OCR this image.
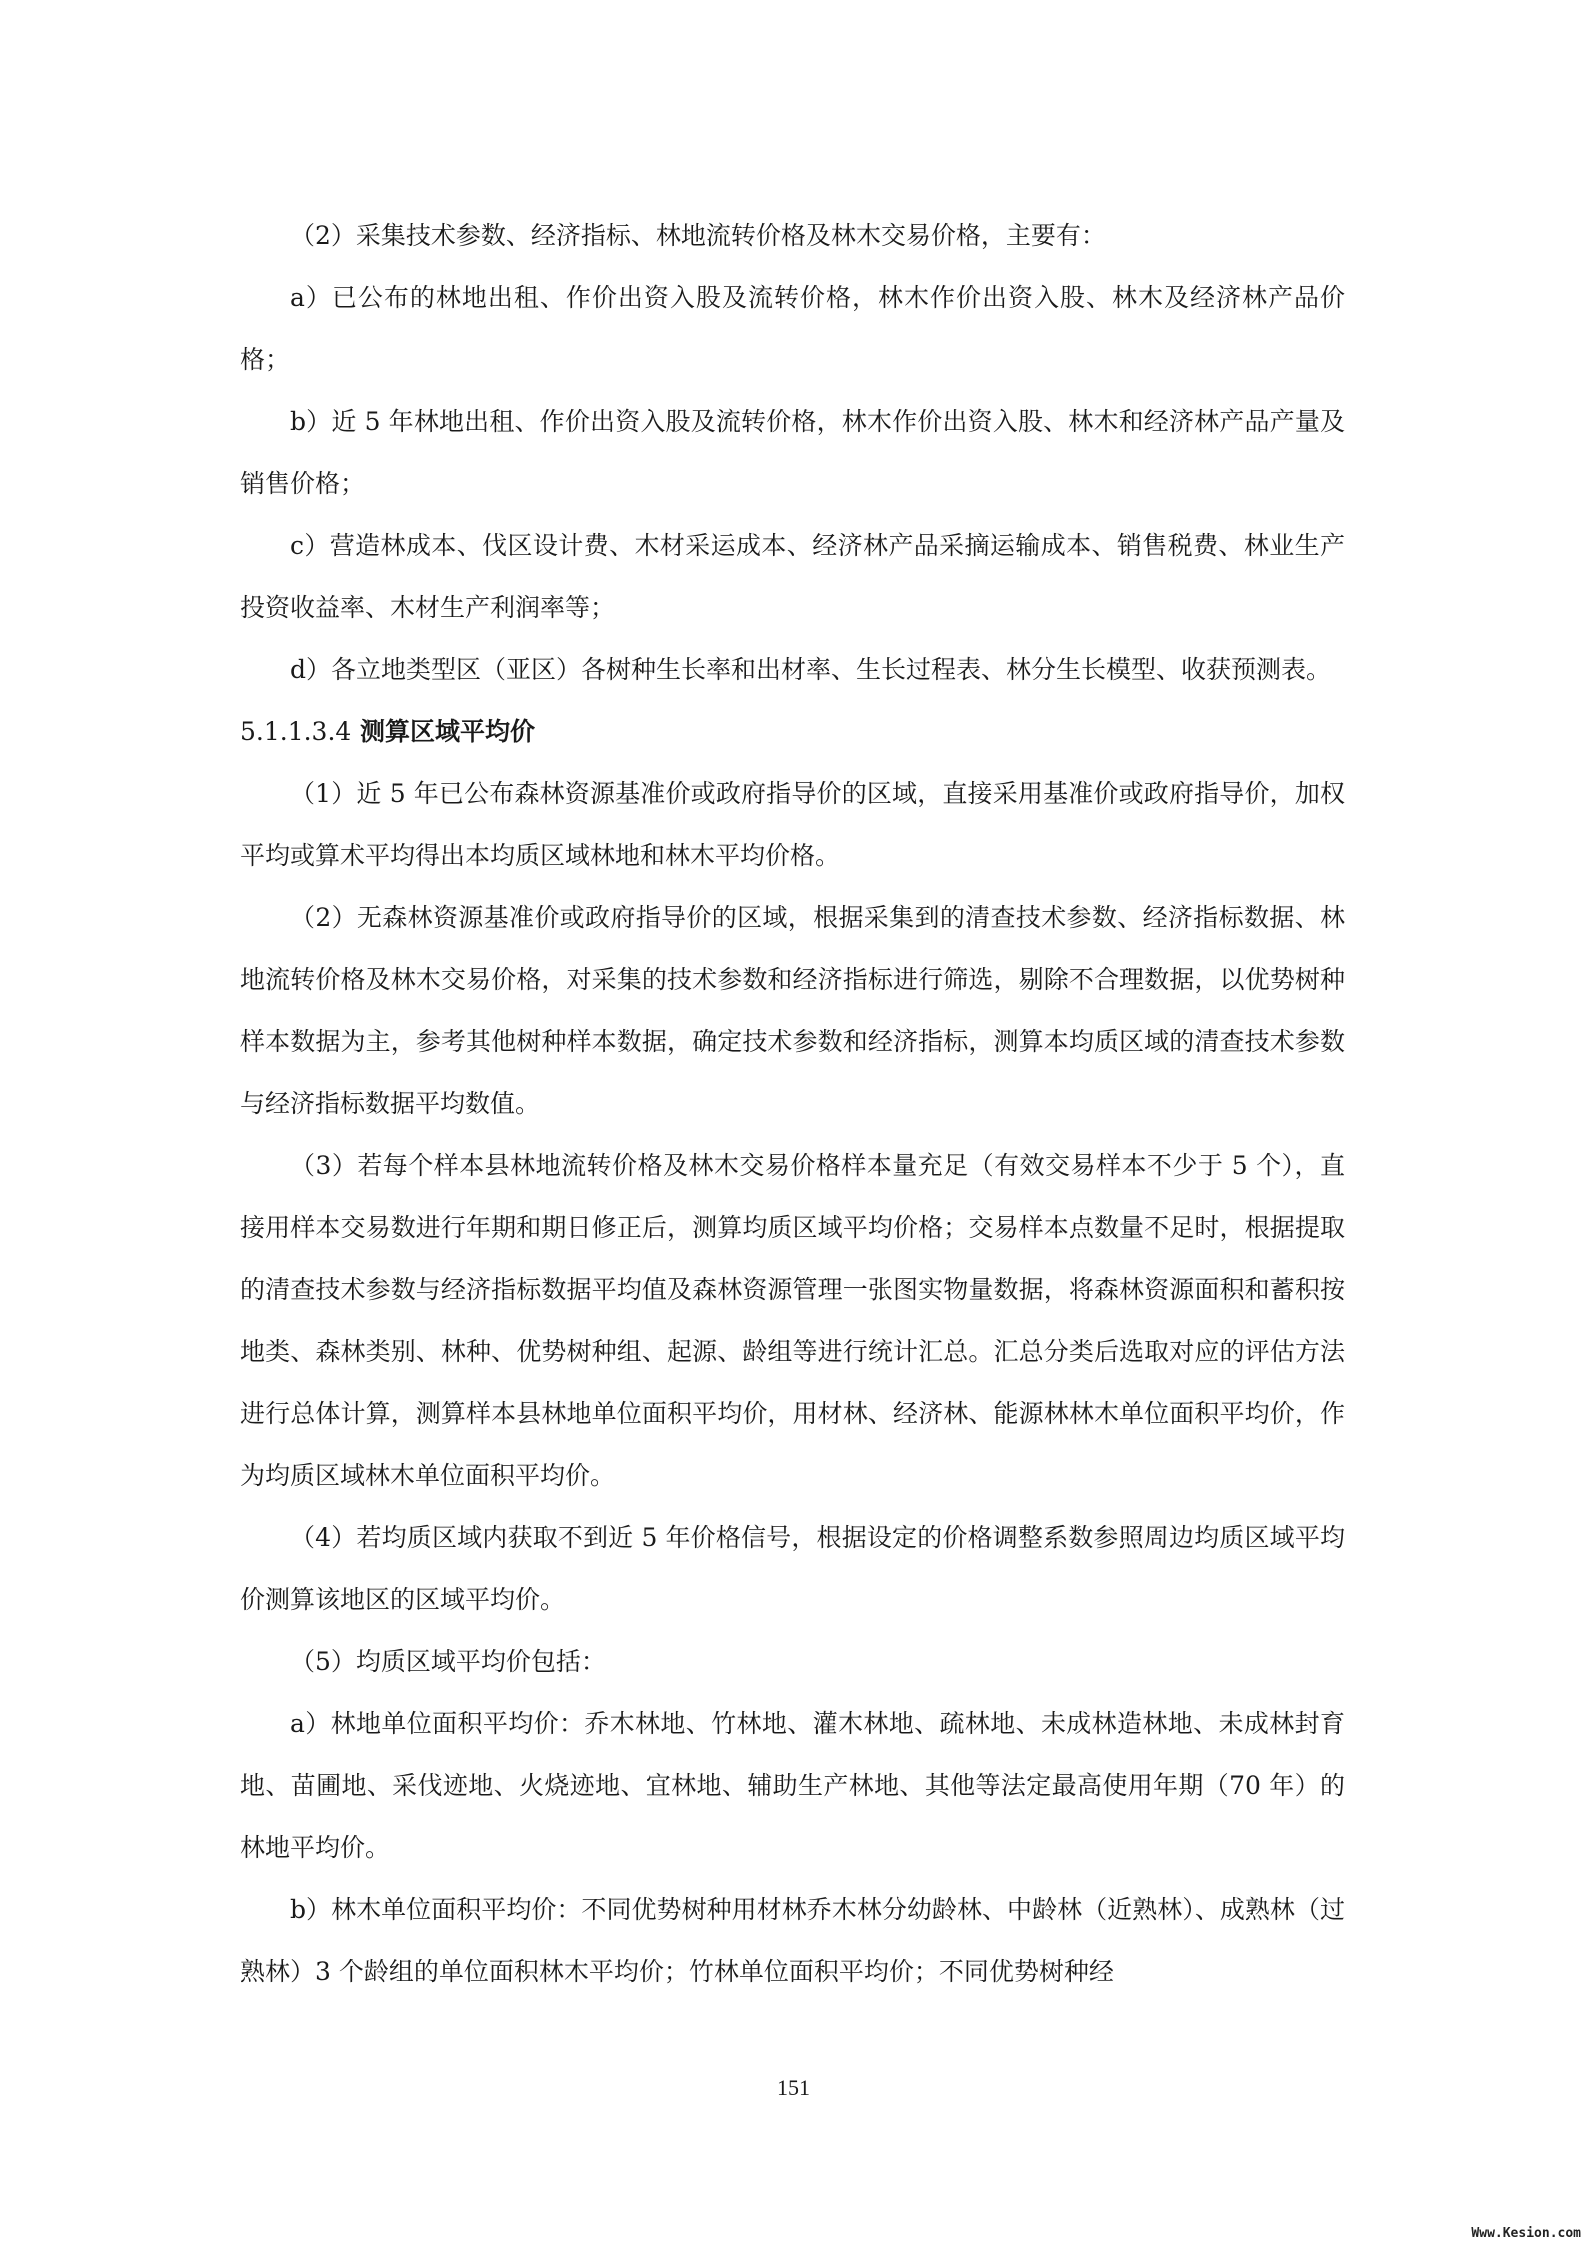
（2）采集技术参数、经济指标、林地流转价格及林木交易价格，主要有：

a）已公布的林地出租、作价出资入股及流转价格，林木作价出资入股、林木及经济林产品价格；

b）近 5 年林地出租、作价出资入股及流转价格，林木作价出资入股、林木和经济林产品产量及销售价格；

c）营造林成本、伐区设计费、木材采运成本、经济林产品采摘运输成本、销售税费、林业生产投资收益率、木材生产利润率等；

d）各立地类型区（亚区）各树种生长率和出材率、生长过程表、林分生长模型、收获预测表。

5.1.1.3.4 测算区域平均价

（1）近 5 年已公布森林资源基准价或政府指导价的区域，直接采用基准价或政府指导价，加权平均或算术平均得出本均质区域林地和林木平均价格。

（2）无森林资源基准价或政府指导价的区域，根据采集到的清查技术参数、经济指标数据、林地流转价格及林木交易价格，对采集的技术参数和经济指标进行筛选，剔除不合理数据，以优势树种样本数据为主，参考其他树种样本数据，确定技术参数和经济指标，测算本均质区域的清查技术参数与经济指标数据平均数值。

（3）若每个样本县林地流转价格及林木交易价格样本量充足（有效交易样本不少于 5 个），直接用样本交易数进行年期和期日修正后，测算均质区域平均价格；交易样本点数量不足时，根据提取的清查技术参数与经济指标数据平均值及森林资源管理一张图实物量数据，将森林资源面积和蓄积按地类、森林类别、林种、优势树种组、起源、龄组等进行统计汇总。汇总分类后选取对应的评估方法进行总体计算，测算样本县林地单位面积平均价，用材林、经济林、能源林林木单位面积平均价，作为均质区域林木单位面积平均价。

（4）若均质区域内获取不到近 5 年价格信号，根据设定的价格调整系数参照周边均质区域平均价测算该地区的区域平均价。

（5）均质区域平均价包括：

a）林地单位面积平均价：乔木林地、竹林地、灌木林地、疏林地、未成林造林地、未成林封育地、苗圃地、采伐迹地、火烧迹地、宜林地、辅助生产林地、其他等法定最高使用年期（70 年）的林地平均价。

b）林木单位面积平均价：不同优势树种用材林乔木林分幼龄林、中龄林（近熟林）、成熟林（过熟林）3 个龄组的单位面积林木平均价；竹林单位面积平均价；不同优势树种经

151
Www.Kesion.com
